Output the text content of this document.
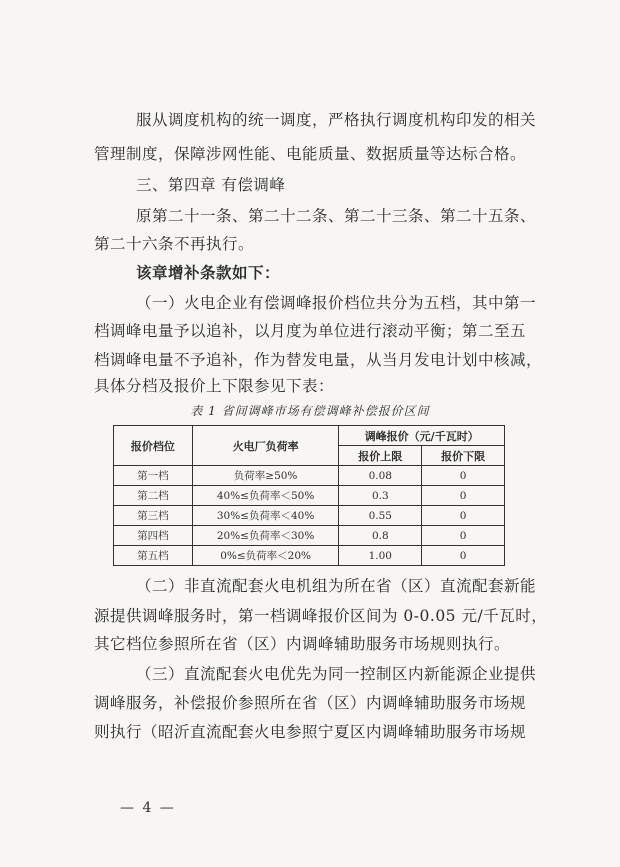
服从调度机构的统一调度，严格执行调度机构印发的相关
管理制度，保障涉网性能、电能质量、数据质量等达标合格。
三、第四章 有偿调峰
原第二十一条、第二十二条、第二十三条、第二十五条、
第二十六条不再执行。
该章增补条款如下：
（一）火电企业有偿调峰报价档位共分为五档，其中第一
档调峰电量予以追补，以月度为单位进行滚动平衡；第二至五
档调峰电量不予追补，作为替发电量，从当月发电计划中核减，
具体分档及报价上下限参见下表：
表 1 省间调峰市场有偿调峰补偿报价区间
报价档位	火电厂负荷率	调峰报价（元/千瓦时）	
		报价上限	报价下限
第一档	负荷率≥50%	0.08	0
第二档	40%≤负荷率＜50%	0.3	0
第三档	30%≤负荷率＜40%	0.55	0
第四档	20%≤负荷率＜30%	0.8	0
第五档	0%≤负荷率＜20%	1.00	0
（二）非直流配套火电机组为所在省（区）直流配套新能
源提供调峰服务时，第一档调峰报价区间为 0-0.05 元/千瓦时，
其它档位参照所在省（区）内调峰辅助服务市场规则执行。
（三）直流配套火电优先为同一控制区内新能源企业提供
调峰服务，补偿报价参照所在省（区）内调峰辅助服务市场规
则执行（昭沂直流配套火电参照宁夏区内调峰辅助服务市场规
— 4 —
